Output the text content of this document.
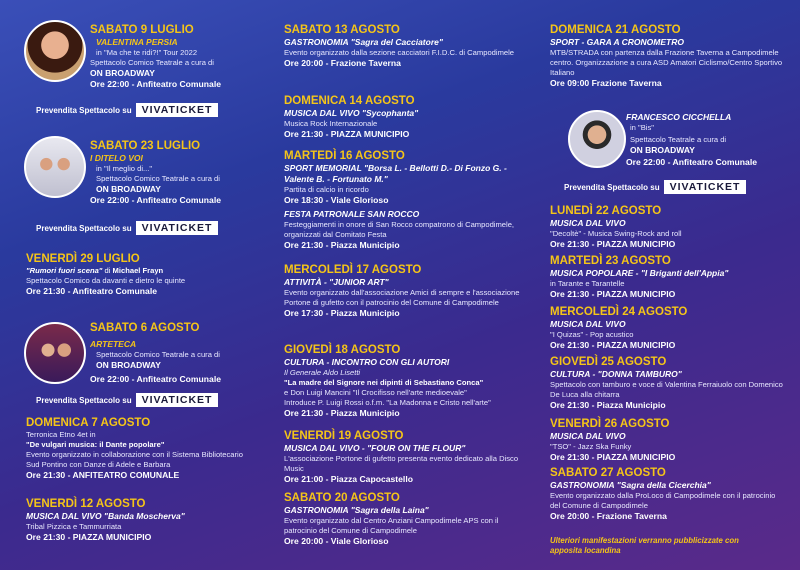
SABATO 9 LUGLIO
VALENTINA PERSIA
in "Ma che te ridi?!" Tour 2022
Spettacolo Comico Teatrale a cura di
ON BROADWAY
Ore 22:00 - Anfiteatro Comunale
Prevendita Spettacolo su VIVATICKET
SABATO 23 LUGLIO
I DITELO VOI
in "Il meglio di..."
Spettacolo Comico Teatrale a cura di
ON BROADWAY
Ore 22:00 - Anfiteatro Comunale
Prevendita Spettacolo su VIVATICKET
VENERDÌ 29 LUGLIO
"Rumori fuori scena" di Michael Frayn
Spettacolo Comico da davanti e dietro le quinte
Ore 21:30 - Anfiteatro Comunale
SABATO 6 AGOSTO
ARTETECA
Spettacolo Comico Teatrale a cura di
ON BROADWAY
Ore 22:00 - Anfiteatro Comunale
Prevendita Spettacolo su VIVATICKET
DOMENICA 7 AGOSTO
Terronica Etno 4et in
"De vulgari musica: il Dante popolare"
Evento organizzato in collaborazione con il Sistema Bibliotecario Sud Pontino con Danze di Adele e Barbara
Ore 21:30 - ANFITEATRO COMUNALE
VENERDÌ 12 AGOSTO
MUSICA DAL VIVO "Banda Moscherva"
Tribal Pizzica e Tammurriata
Ore 21:30 - PIAZZA MUNICIPIO
SABATO 13 AGOSTO
GASTRONOMIA "Sagra del Cacciatore"
Evento organizzato dalla sezione cacciatori F.I.D.C. di Campodimele
Ore 20:00 - Frazione Taverna
DOMENICA 14 AGOSTO
MUSICA DAL VIVO "Sycophanta"
Musica Rock Internazionale
Ore 21:30 - PIAZZA MUNICIPIO
MARTEDÌ 16 AGOSTO
SPORT MEMORIAL "Borsa L. - Bellotti D.- Di Fonzo G. - Valente B. - Fortunato M."
Partita di calcio in ricordo
Ore 18:30 - Viale Glorioso
FESTA PATRONALE SAN ROCCO
Festeggiamenti in onore di San Rocco compatrono di Campodimele, organizzati dal Comitato Festa
Ore 21:30 - Piazza Municipio
MERCOLEDÌ 17 AGOSTO
ATTIVITÀ - "JUNIOR ART"
Evento organizzato dall'associazione Amici di sempre e l'associazione Portone di gufetto con il patrocinio del Comune di Campodimele
Ore 17:30 - Piazza Municipio
GIOVEDÌ 18 AGOSTO
CULTURA - INCONTRO CON GLI AUTORI
Il Generale Aldo Lisetti
"La madre del Signore nei dipinti di Sebastiano Conca"
e Don Luigi Mancini "Il Crocifisso nell'arte medioevale"
Introduce P. Luigi Rossi o.f.m. "La Madonna e Cristo nell'arte"
Ore 21:30 - Piazza Municipio
VENERDÌ 19 AGOSTO
MUSICA DAL VIVO - "FOUR ON THE FLOUR"
L'associazione Portone di gufetto presenta evento dedicato alla Disco Music
Ore 21:00 - Piazza Capocastello
SABATO 20 AGOSTO
GASTRONOMIA "Sagra della Laina"
Evento organizzato dal Centro Anziani Campodimele APS con il patrocinio del Comune di Campodimele
Ore 20:00 - Viale Glorioso
DOMENICA 21 AGOSTO
SPORT - GARA A CRONOMETRO
MTB/STRADA con partenza dalla Frazione Taverna a Campodimele centro. Organizzazione a cura ASD Amatori Ciclismo/Centro Sportivo Italiano
Ore 09:00 Frazione Taverna
FRANCESCO CICCHELLA
in "Bis"
Spettacolo Teatrale a cura di
ON BROADWAY
Ore 22:00 - Anfiteatro Comunale
Prevendita Spettacolo su VIVATICKET
LUNEDÌ 22 AGOSTO
MUSICA DAL VIVO
"Decoltè" - Musica Swing-Rock and roll
Ore 21:30 - PIAZZA MUNICIPIO
MARTEDÌ 23 AGOSTO
MUSICA POPOLARE - "I Briganti dell'Appia"
in Tarante e Tarantelle
Ore 21:30 - PIAZZA MUNICIPIO
MERCOLEDÌ 24 AGOSTO
MUSICA DAL VIVO
"I Quizas" - Pop acustico
Ore 21:30 - PIAZZA MUNICIPIO
GIOVEDÌ 25 AGOSTO
CULTURA - "DONNA TAMBURO"
Spettacolo con tamburo e voce di Valentina Ferraiuolo con Domenico De Luca alla chitarra
Ore 21:30 - Piazza Municipio
VENERDÌ 26 AGOSTO
MUSICA DAL VIVO
"TSO" - Jazz Ska Funky
Ore 21:30 - PIAZZA MUNICIPIO
SABATO 27 AGOSTO
GASTRONOMIA "Sagra della Cicerchia"
Evento organizzato dalla ProLoco di Campodimele con il patrocinio del Comune di Campodimele
Ore 20:00 - Frazione Taverna
Ulteriori manifestazioni verranno pubblicizzate con apposita locandina
